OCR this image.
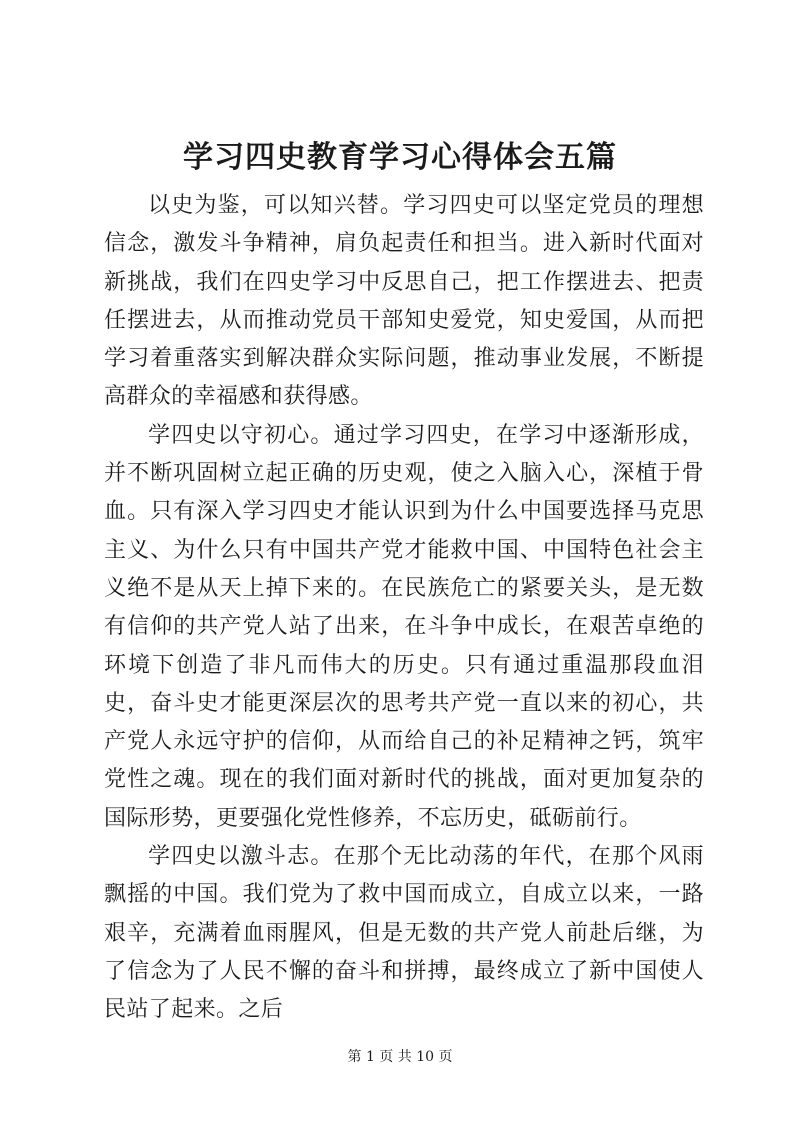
学习四史教育学习心得体会五篇

以史为鉴，可以知兴替。学习四史可以坚定党员的理想信念，激发斗争精神，肩负起责任和担当。进入新时代面对新挑战，我们在四史学习中反思自己，把工作摆进去、把责任摆进去，从而推动党员干部知史爱党，知史爱国，从而把学习着重落实到解决群众实际问题，推动事业发展，不断提高群众的幸福感和获得感。

学四史以守初心。通过学习四史，在学习中逐渐形成，并不断巩固树立起正确的历史观，使之入脑入心，深植于骨血。只有深入学习四史才能认识到为什么中国要选择马克思主义、为什么只有中国共产党才能救中国、中国特色社会主义绝不是从天上掉下来的。在民族危亡的紧要关头，是无数有信仰的共产党人站了出来，在斗争中成长，在艰苦卓绝的环境下创造了非凡而伟大的历史。只有通过重温那段血泪史，奋斗史才能更深层次的思考共产党一直以来的初心，共产党人永远守护的信仰，从而给自己的补足精神之钙，筑牢党性之魂。现在的我们面对新时代的挑战，面对更加复杂的国际形势，更要强化党性修养，不忘历史，砥砺前行。

学四史以激斗志。在那个无比动荡的年代，在那个风雨飘摇的中国。我们党为了救中国而成立，自成立以来，一路艰辛，充满着血雨腥风，但是无数的共产党人前赴后继，为了信念为了人民不懈的奋斗和拼搏，最终成立了新中国使人民站了起来。之后

第 1 页 共 10 页
